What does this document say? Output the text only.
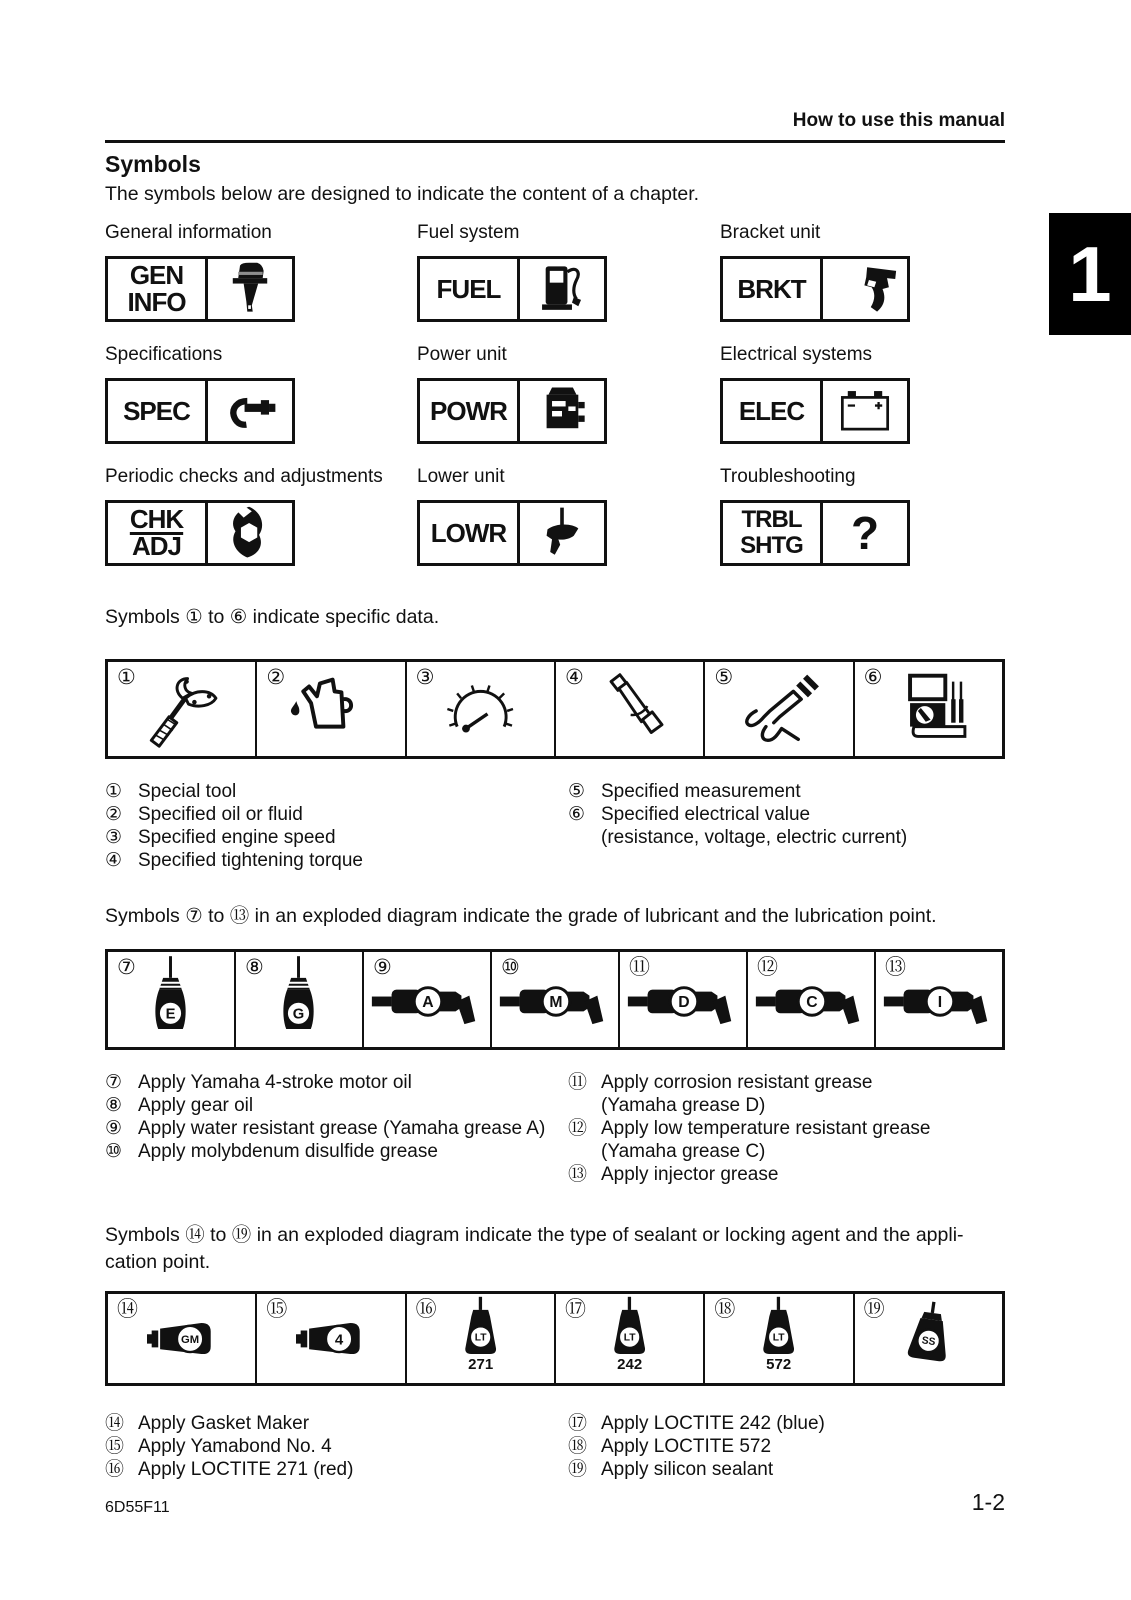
1
How to use this manual
Symbols
The symbols below are designed to indicate the content of a chapter.
General information
GEN
INFO
Fuel system
FUEL
Bracket unit
BRKT
Specifications
SPEC
Power unit
POWR
Electrical systems
ELEC
Periodic checks and adjustments
CHK
ADJ
Lower unit
LOWR
Troubleshooting
TRBL
SHTG ?
Symbols ① to ⑥ indicate specific data.
①	②	③	④	⑤	⑥
① Special tool
② Specified oil or fluid
③ Specified engine speed
④ Specified tightening torque
⑤ Specified measurement
⑥ Specified electrical value
(resistance, voltage, electric current)
Symbols ⑦ to ⑬ in an exploded diagram indicate the grade of lubricant and the lubrication point.
⑦
E
⑧
G
⑨
A
⑩
M
⑪
D
⑫
C
⑬
I
⑦ Apply Yamaha 4-stroke motor oil
⑧ Apply gear oil
⑨ Apply water resistant grease (Yamaha grease A)
⑩ Apply molybdenum disulfide grease
⑪ Apply corrosion resistant grease
(Yamaha grease D)
⑫ Apply low temperature resistant grease
(Yamaha grease C)
⑬ Apply injector grease
Symbols ⑭ to ⑲ in an exploded diagram indicate the type of sealant or locking agent and the appli-
cation point.
⑭
GM
⑮
4
⑯
LT
271
⑰
LT
242
⑱
LT
572
⑲
SS
⑭ Apply Gasket Maker
⑮ Apply Yamabond No. 4
⑯ Apply LOCTITE 271 (red)
⑰ Apply LOCTITE 242 (blue)
⑱ Apply LOCTITE 572
⑲ Apply silicon sealant
6D55F11	1-2
